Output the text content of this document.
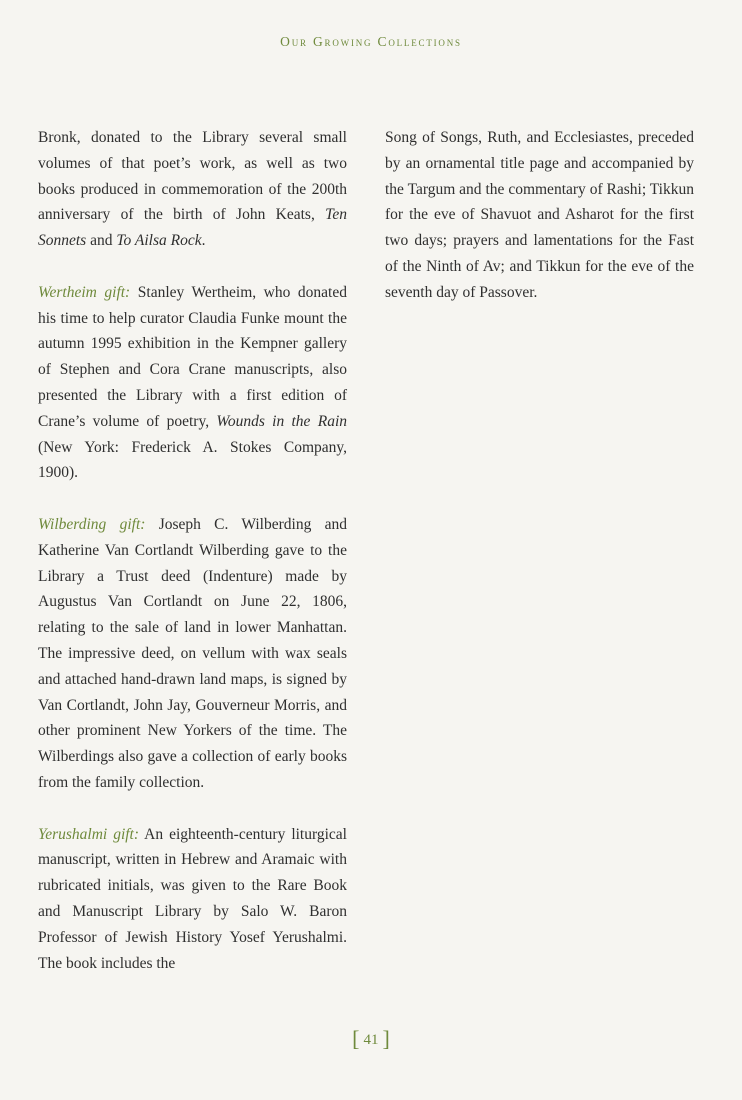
Our Growing Collections

Bronk, donated to the Library several small volumes of that poet’s work, as well as two books produced in commemoration of the 200th anniversary of the birth of John Keats, Ten Sonnets and To Ailsa Rock.

Wertheim gift: Stanley Wertheim, who donated his time to help curator Claudia Funke mount the autumn 1995 exhibition in the Kempner gallery of Stephen and Cora Crane manuscripts, also presented the Library with a first edition of Crane’s volume of poetry, Wounds in the Rain (New York: Frederick A. Stokes Company, 1900).

Wilberding gift: Joseph C. Wilberding and Katherine Van Cortlandt Wilberding gave to the Library a Trust deed (Indenture) made by Augustus Van Cortlandt on June 22, 1806, relating to the sale of land in lower Manhattan. The impressive deed, on vellum with wax seals and attached hand-drawn land maps, is signed by Van Cortlandt, John Jay, Gouverneur Morris, and other prominent New Yorkers of the time. The Wilberdings also gave a collection of early books from the family collection.

Yerushalmi gift: An eighteenth-century liturgical manuscript, written in Hebrew and Aramaic with rubricated initials, was given to the Rare Book and Manuscript Library by Salo W. Baron Professor of Jewish History Yosef Yerushalmi. The book includes the

Song of Songs, Ruth, and Ecclesiastes, preceded by an ornamental title page and accompanied by the Targum and the commentary of Rashi; Tikkun for the eve of Shavuot and Asharot for the first two days; prayers and lamentations for the Fast of the Ninth of Av; and Tikkun for the eve of the seventh day of Passover.

[ 41 ]
